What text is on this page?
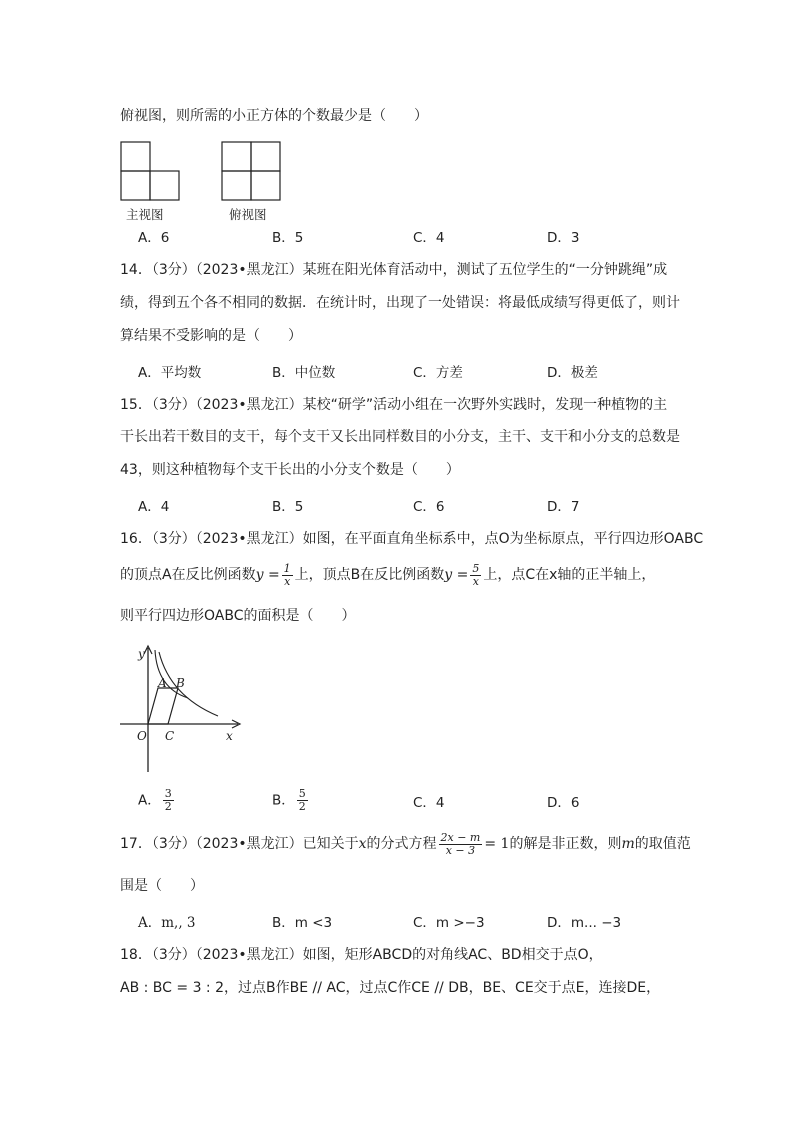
俯视图，则所需的小正方体的个数最少是（　　）
主视图	俯视图
A．6	B．5	C．4	D．3
14．（3分）（2023•黑龙江）某班在阳光体育活动中，测试了五位学生的“一分钟跳绳”成
绩，得到五个各不相同的数据．在统计时，出现了一处错误：将最低成绩写得更低了，则计
算结果不受影响的是（　　）
A．平均数	B．中位数	C．方差	D．极差
15．（3分）（2023•黑龙江）某校“研学”活动小组在一次野外实践时，发现一种植物的主
干长出若干数目的支干，每个支干又长出同样数目的小分支，主干、支干和小分支的总数是
43，则这种植物每个支干长出的小分支个数是（　　）
A．4	B．5	C．6	D．7
16．（3分）（2023•黑龙江）如图，在平面直角坐标系中，点O为坐标原点，平行四边形OABC
的顶点A在反比例函数$y = \frac{1}{x}$ 上，顶点B在反比例函数$y = \frac{5}{x}$ 上，点C在x轴的正半轴上，
则平行四边形OABC的面积是（　　）
y
x
O
A B
C
A． $\frac{3}{2}$	B． $\frac{5}{2}$	C．4	D．6
17．（3分）（2023•黑龙江）已知关于x的分式方程 $\frac{2x - m}{x - 3} = 1$的解是非正数，则m的取值范
围是（　　）
A．m,, 3	B．m <3	C．m >−3	D．m... −3
18．（3分）（2023•黑龙江）如图，矩形ABCD的对角线AC、BD相交于点O，
AB : BC = 3 : 2，过点B作BE // AC，过点C作CE // DB，BE、CE交于点E，连接DE，
